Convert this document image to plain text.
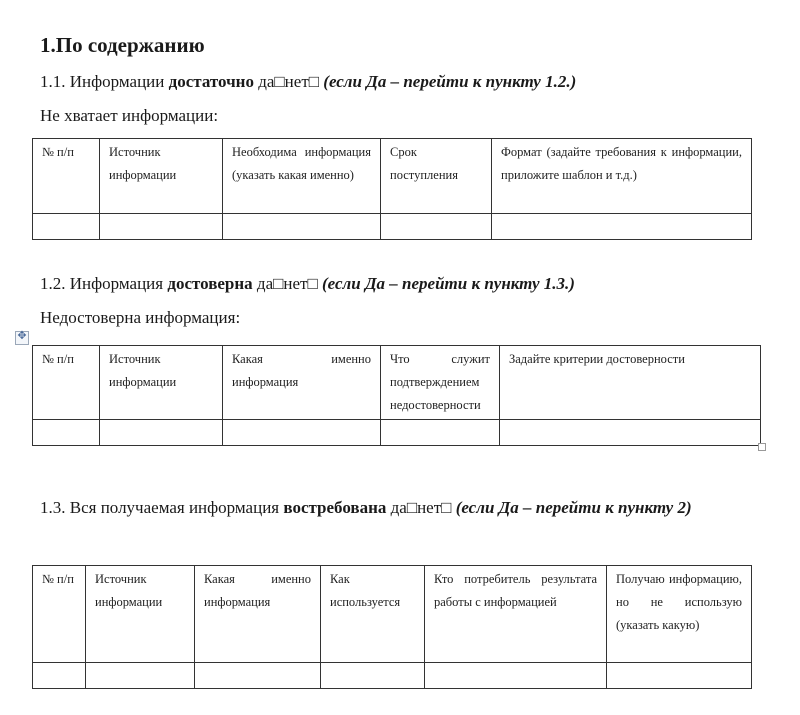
1.По содержанию
1.1. Информации достаточно да□нет□ (если Да – перейти к пункту 1.2.)
Не хватает информации:
№ п/п	Источник информации	Необходима информация (указать какая именно)	Срок поступления	Формат (задайте требования к информации, приложите шаблон и т.д.)

1.2. Информация достоверна да□нет□ (если Да – перейти к пункту 1.3.)
Недостоверна информация:
✥
№ п/п	Источник информации	Какая именно информация	Что служит подтверждением недостоверности	Задайте критерии достоверности

1.3. Вся получаемая информация востребована да□нет□ (если Да – перейти к пункту 2)
№ п/п	Источник информации	Какая именно информация	Как используется	Кто потребитель результата работы с информацией	Получаю информацию, но не использую (указать какую)
